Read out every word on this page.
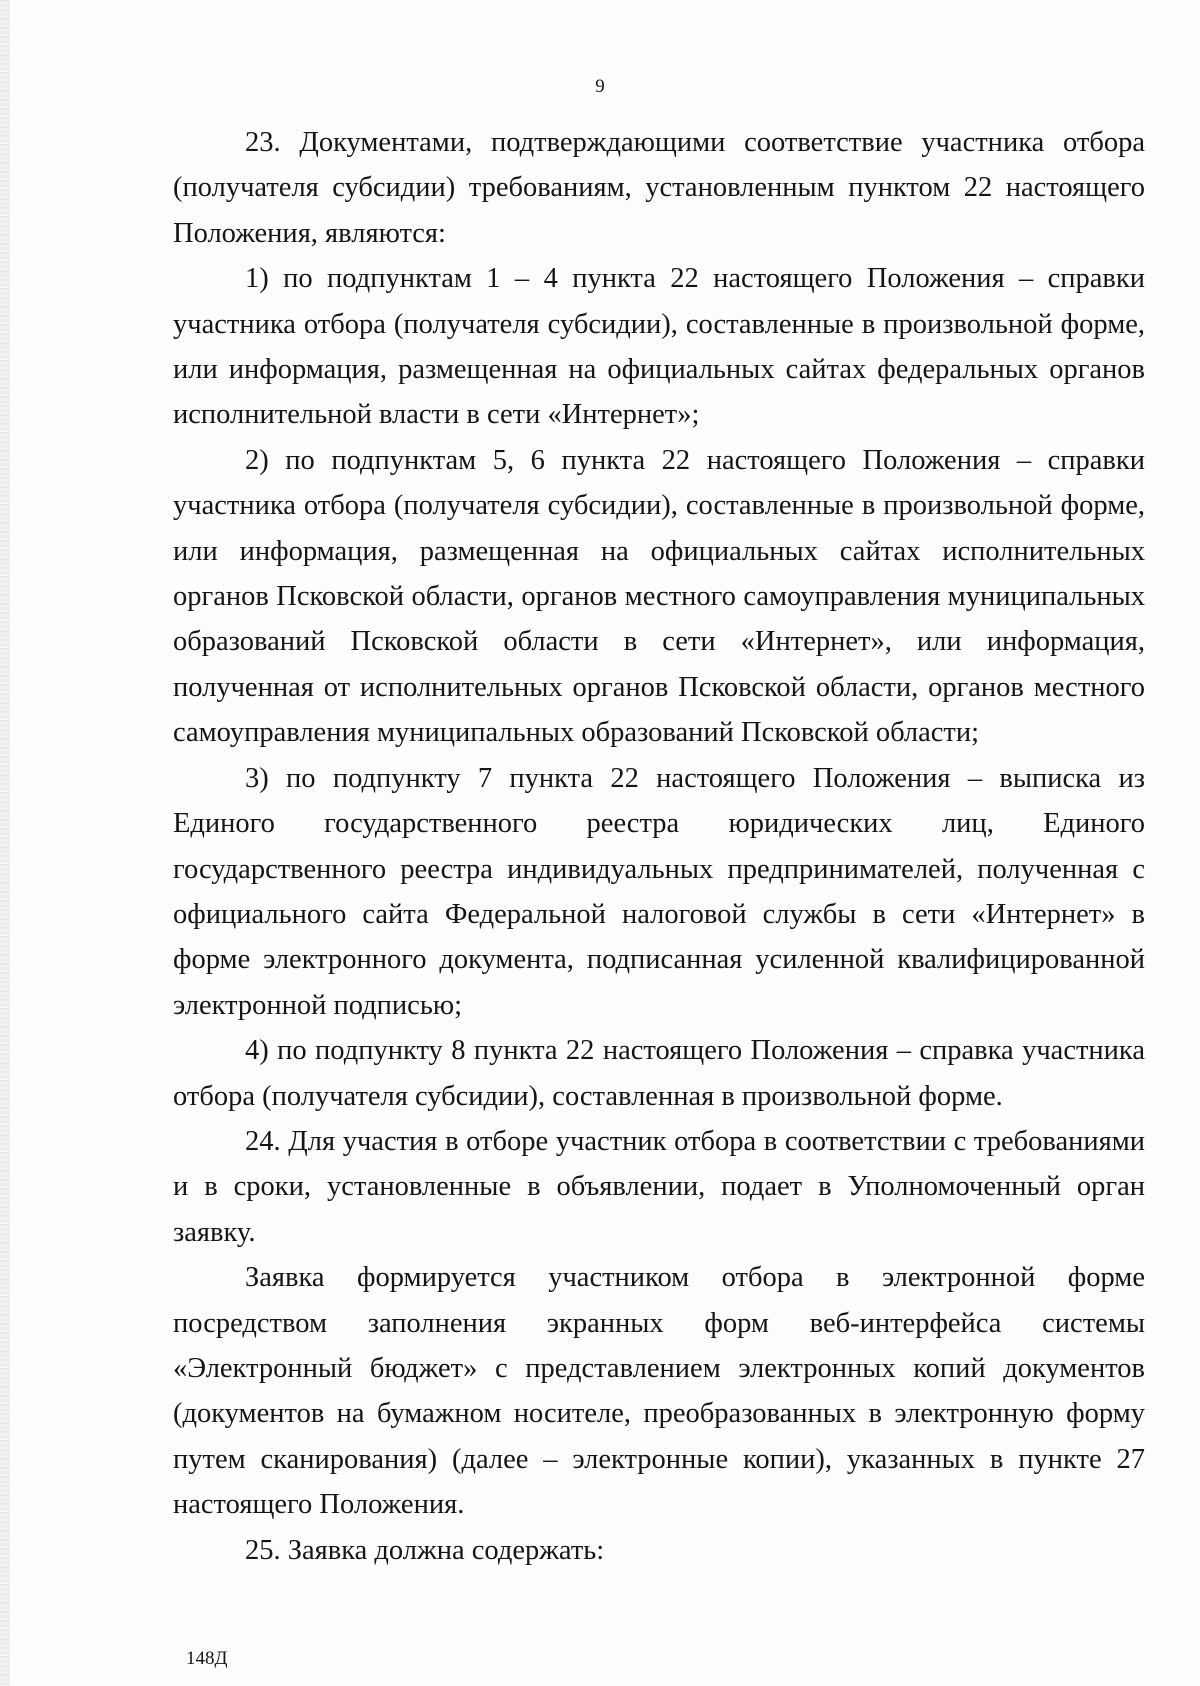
9

23. Документами, подтверждающими соответствие участника отбора (получателя субсидии) требованиям, установленным пунктом 22 настоящего Положения, являются:

1) по подпунктам 1 – 4 пункта 22 настоящего Положения – справки участника отбора (получателя субсидии), составленные в произвольной форме, или информация, размещенная на официальных сайтах федеральных органов исполнительной власти в сети «Интернет»;

2) по подпунктам 5, 6 пункта 22 настоящего Положения – справки участника отбора (получателя субсидии), составленные в произвольной форме, или информация, размещенная на официальных сайтах исполнительных органов Псковской области, органов местного самоуправления муниципальных образований Псковской области в сети «Интернет», или информация, полученная от исполнительных органов Псковской области, органов местного самоуправления муниципальных образований Псковской области;

3) по подпункту 7 пункта 22 настоящего Положения – выписка из Единого государственного реестра юридических лиц, Единого государственного реестра индивидуальных предпринимателей, полученная с официального сайта Федеральной налоговой службы в сети «Интернет» в форме электронного документа, подписанная усиленной квалифицированной электронной подписью;

4) по подпункту 8 пункта 22 настоящего Положения – справка участника отбора (получателя субсидии), составленная в произвольной форме.

24. Для участия в отборе участник отбора в соответствии с требованиями и в сроки, установленные в объявлении, подает в Уполномоченный орган заявку.

Заявка формируется участником отбора в электронной форме посредством заполнения экранных форм веб-интерфейса системы «Электронный бюджет» с представлением электронных копий документов (документов на бумажном носителе, преобразованных в электронную форму путем сканирования) (далее – электронные копии), указанных в пункте 27 настоящего Положения.

25. Заявка должна содержать:

148Д
